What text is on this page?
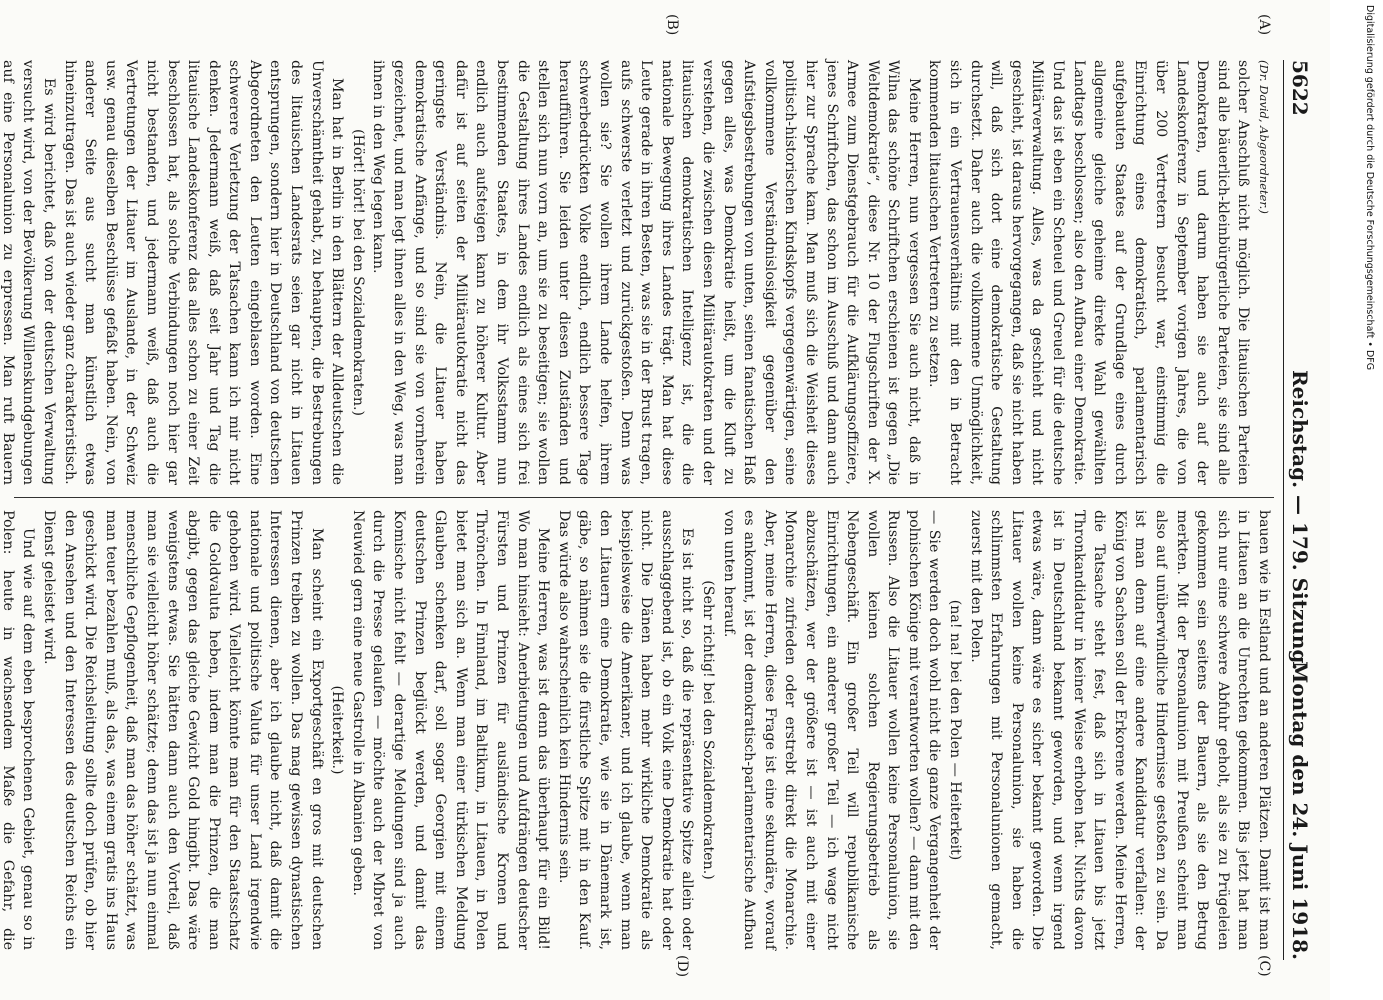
5622
Reichstag. — 179. Sitzung.
Montag den 24. Juni 1918.
(A)
(B)
(C)
(D)

(Dr. David, Abgeordneter.)

solcher Anschluß nicht möglich. Die litauischen Parteien sind alle bäuerlich-kleinbürgerliche Parteien, sie sind alle Demokraten, und darum haben sie auch auf der Landeskonferenz in September vorigen Jahres, die von über 200 Vertretern besucht war, einstimmig die Einrichtung eines demokratisch, parlamentarisch aufgebauten Staates auf der Grundlage eines durch allgemeine gleiche geheime direkte Wahl gewählten Landtags beschlossen; also den Aufbau einer Demokratie. Und das ist eben ein Scheuel und Greuel für die deutsche Militärverwaltung. Alles, was da geschieht und nicht geschieht, ist daraus hervorgegangen, daß sie nicht haben will, daß sich dort eine demokratische Gestaltung durchsetzt. Daher auch die vollkommene Unmöglichkeit, sich in ein Vertrauensverhältnis mit den in Betracht kommenden litauischen Vertretern zu setzen.

Meine Herren, nun vergessen Sie auch nicht, daß in Wilna das schöne Schriftchen erschienen ist gegen „Die Weltdemokratie“, diese Nr. 10 der Flugschriften der X. Armee zum Dienstgebrauch für die Aufklärungsoffiziere, jenes Schriftchen, das schon im Ausschuß und dann auch hier zur Sprache kam. Man muß sich die Weisheit dieses politisch-historischen Kindskopfs vergegenwärtigen, seine vollkommene Verständnislosigkeit gegenüber den Aufstiegsbestrebungen von unten, seinen fanatischen Haß gegen alles, was Demokratie heißt, um die Kluft zu verstehen, die zwischen diesen Militärautokraten und der litauischen demokratischen Intelligenz ist, die die nationale Bewegung ihres Landes trägt. Man hat diese Leute gerade in ihren Besten, was sie in der Brust tragen, aufs schwerste verletzt und zurückgestoßen. Denn was wollen sie? Sie wollen ihrem Lande helfen, ihrem schwerbedrückten Volke endlich, endlich bessere Tage heraufführen. Sie leiden unter diesen Zuständen und stellen sich nun vorn an, um sie zu beseitigen; sie wollen die Gestaltung ihres Landes endlich als eines sich frei bestimmenden Staates, in dem ihr Volksstamm nun endlich auch aufsteigen kann zu höherer Kultur. Aber dafür ist auf seiten der Militärautokratie nicht das geringste Verständnis. Nein, die Litauer haben demokratische Anfänge, und so sind sie von vornherein gezeichnet, und man legt ihnen alles in den Weg, was man ihnen in den Weg legen kann.

(Hört! hört! bei den Sozialdemokraten.)

Man hat in Berlin in den Blättern der Alldeutschen die Unverschämtheit gehabt, zu behaupten, die Bestrebungen des litauischen Landesrats seien gar nicht in Litauen entsprungen, sondern hier in Deutschland von deutschen Abgeordneten den Leuten eingeblasen worden. Eine schwerere Verletzung der Tatsachen kann ich mir nicht denken. Jedermann weiß, daß seit Jahr und Tag die litauische Landeskonferenz das alles schon zu einer Zeit beschlossen hat, als solche Verbindungen noch hier gar nicht bestanden, und jedermann weiß, daß auch die Vertretungen der Litauer im Auslande, in der Schweiz usw. genau dieselben Beschlüsse gefaßt haben. Nein, von anderer Seite aus sucht man künstlich etwas hineinzutragen. Das ist auch wieder ganz charakteristisch.

Es wird berichtet, daß von der deutschen Verwaltung versucht wird, von der Bevölkerung Willenskundgebungen auf eine Personalunion zu erpressen. Man ruft Bauern

bauen wie in Estland und an anderen Plätzen. Damit ist man in Litauen an die Unrechten gekommen. Bis jetzt hat man sich nur eine schwere Abfuhr geholt, als sie zu Prügeleien gekommen sein seitens der Bauern, als sie den Betrug merkten. Mit der Personalunion mit Preußen scheint man also auf unüberwindliche Hindernisse gestoßen zu sein. Da ist man denn auf eine andere Kandidatur verfallen: der König von Sachsen soll der Erkorene werden. Meine Herren, die Tatsache steht fest, daß sich in Litauen bis jetzt Thronkandidatur in keiner Weise erhoben hat. Nichts davon ist in Deutschland bekannt geworden, und wenn irgend etwas wäre, dann wäre es sicher bekannt geworden. Die Litauer wollen keine Personalunion, sie haben die schlimmsten Erfahrungen mit Personalunionen gemacht, zuerst mit den Polen.

(na! na! bei den Polen — Heiterkeit)

— Sie werden doch wohl nicht die ganze Vergangenheit der polnischen Könige mit verantworten wollen? — dann mit den Russen. Also die Litauer wollen keine Personalunion, sie wollen keinen solchen Regierungsbetrieb als Nebengeschäft. Ein großer Teil will republikanische Einrichtungen, ein anderer großer Teil — ich wage nicht abzuschätzen, wer der größere ist — ist auch mit einer Monarchie zufrieden oder erstrebt direkt die Monarchie. Aber, meine Herren, diese Frage ist eine sekundäre, worauf es ankommt, ist der demokratisch-parlamentarische Aufbau von unten herauf.

(Sehr richtig! bei den Sozialdemokraten.)

Es ist nicht so, daß die repräsentative Spitze allein oder ausschlaggebend ist, ob ein Volk eine Demokratie hat oder nicht. Die Dänen haben mehr wirkliche Demokratie als beispielsweise die Amerikaner, und ich glaube, wenn man den Litauern eine Demokratie, wie sie in Dänemark ist, gäbe, so nähmen sie die fürstliche Spitze mit in den Kauf. Das würde also wahrscheinlich kein Hindernis sein.

Meine Herren, was ist denn das überhaupt für ein Bild! Wo man hinsieht: Anerbietungen und Aufdrängen deutscher Fürsten und Prinzen für ausländische Kronen und Thrönchen. In Finnland, im Baltikum, in Litauen, in Polen bietet man sich an. Wenn man einer türkischen Meldung Glauben schenken darf, soll sogar Georgien mit einem deutschen Prinzen beglückt werden, und damit das Komische nicht fehlt — derartige Meldungen sind ja auch durch die Presse gelaufen — möchte auch der Mbret von Neuwied gern eine neue Gastrolle in Albanien geben.

(Heiterkeit.)

Man scheint ein Exportgeschäft en gros mit deutschen Prinzen treiben zu wollen. Das mag gewissen dynastischen Interessen dienen, aber ich glaube nicht, daß damit die nationale und politische Valuta für unser Land irgendwie gehoben wird. Vielleicht könnte man für den Staatsschatz die Goldvaluta heben, indem man die Prinzen, die man abgibt, gegen das gleiche Gewicht Gold hingibt. Das wäre wenigstens etwas. Sie hätten dann auch den Vorteil, daß man sie vielleicht höher schätzte; denn das ist ja nun einmal menschliche Gepflogenheit, daß man das höher schätzt, was man teuer bezahlen muß, als das, was einem gratis ins Haus geschickt wird. Die Reichsleitung sollte doch prüfen, ob hier den Ansehen und den Interessen des deutschen Reichs ein Dienst geleistet wird.

Und wie auf dem eben besprochenen Gebiet, genau so in Polen: heute in wachsendem Maße die Gefahr, die

Digitalisierung gefördert durch die Deutsche Forschungsgemeinschaft • DFG
